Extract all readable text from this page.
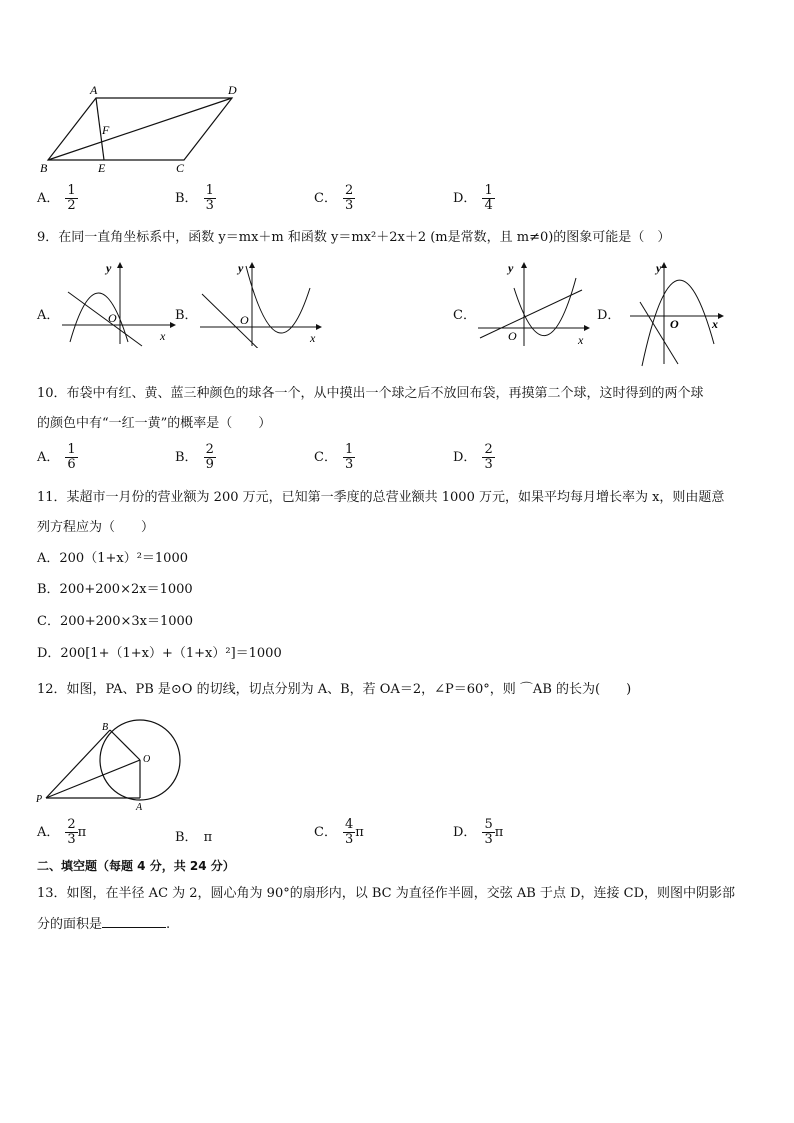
A	D
F
B	E	C
A． $\frac{1}{2}$	B． $\frac{1}{3}$	C． $\frac{2}{3}$	D． $\frac{1}{4}$
9．在同一直角坐标系中，函数 y＝mx＋m 和函数 y＝mx²＋2x＋2 (m是常数，且 m≠0)的图象可能是（　）
A．
y
x
O	B．
y
x
O	C．
y
x
O
D．
y
x
O
10．布袋中有红、黄、蓝三种颜色的球各一个，从中摸出一个球之后不放回布袋，再摸第二个球，这时得到的两个球
的颜色中有“一红一黄”的概率是（　　）
A． $\frac{1}{6}$	B． $\frac{2}{9}$	C． $\frac{1}{3}$	D． $\frac{2}{3}$
11．某超市一月份的营业额为 200 万元，已知第一季度的总营业额共 1000 万元，如果平均每月增长率为 x，则由题意
列方程应为（　　）
A．200（1+x）²＝1000
B．200+200×2x＝1000
C．200+200×3x＝1000
D．200[1+（1+x）+（1+x）²]＝1000
12．如图，PA、PB 是⊙O 的切线，切点分别为 A、B，若 OA＝2，∠P＝60°，则 ⌒AB 的长为(　　)
B
O
P
A
A． $\frac{2}{3}$ π	B． π	C． $\frac{4}{3}$ π	D． $\frac{5}{3}$ π
二、填空题（每题 4 分，共 24 分）
13．如图，在半径 AC 为 2，圆心角为 90°的扇形内，以 BC 为直径作半圆，交弦 AB 于点 D，连接 CD，则图中阴影部
分的面积是	.
